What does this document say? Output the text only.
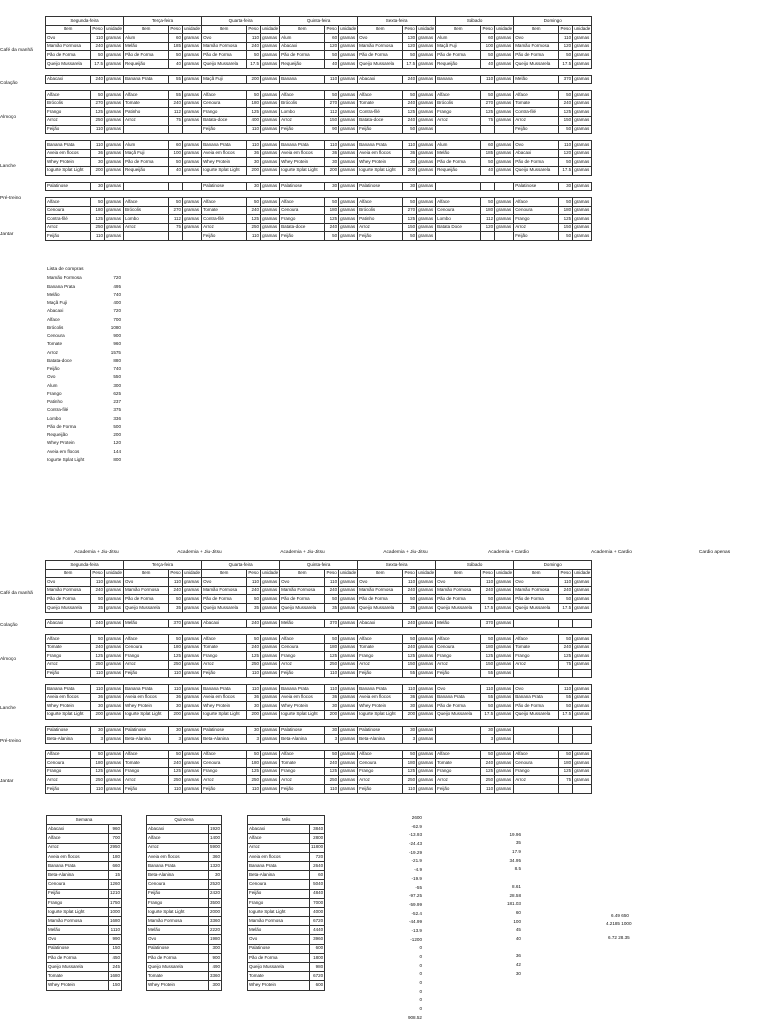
Segunda-feira			Terça-feira			Quarta-feira			Quinta-feira			Sexta-feira			Sábado			Domingo		
Item	Peso	unidade	Item	Peso	unidade	Item	Peso	unidade	Item	Peso	unidade	Item	Peso	unidade	Item	Peso	unidade	Item	Peso	unidade
Ovo	110	gramas	Alum	60	gramas	Ovo	110	gramas	Alum	60	gramas	Ovo	130	gramas	Alum	60	gramas	Ovo	110	gramas
Mamão Formosa	240	gramas	Melão	185	gramas	Mamão Formosa	240	gramas	Abacaxi	120	gramas	Mamão Formosa	120	gramas	Maçã Fuji	100	gramas	Mamão Formosa	120	gramas
Pão de Forma	50	gramas	Pão de Forma	50	gramas	Pão de Forma	50	gramas	Pão de Forma	50	gramas	Pão de Forma	50	gramas	Pão de Forma	50	gramas	Pão de Forma	50	gramas
Queijo Mussarela	17.5	gramas	Requeijão	40	gramas	Queijo Mussarela	17.5	gramas	Requeijão	40	gramas	Queijo Mussarela	17.5	gramas	Requeijão	40	gramas	Queijo Mussarela	17.5	gramas

Abacaxi	240	gramas	Banana Prata	55	gramas	Maçã Fuji	200	gramas	Banana	110	gramas	Abacaxi	240	gramas	Banana	110	gramas	Melão	370	gramas

Alface	50	gramas	Alface	55	gramas	Alface	50	gramas	Alface	50	gramas	Alface	50	gramas	Alface	50	gramas	Alface	50	gramas
Brócolis	270	gramas	Tomate	240	gramas	Cenoura	180	gramas	Brócolis	270	gramas	Tomate	240	gramas	Brócolis	270	gramas	Tomate	240	gramas
Frango	125	gramas	Patinho	112	gramas	Frango	125	gramas	Lombo	112	gramas	Contra-filé	125	gramas	Frango	125	gramas	Contra-filé	125	gramas
Arroz	250	gramas	Arroz	75	gramas	Batata-doce	400	gramas	Arroz	150	gramas	Batata-doce	240	gramas	Arroz	75	gramas	Arroz	150	gramas
Feijão	110	gramas				Feijão	110	gramas	Feijão	90	gramas	Feijão	50	gramas				Feijão	50	gramas

Banana Prata	110	gramas	Alum	60	gramas	Banana Prata	110	gramas	Banana Prata	110	gramas	Banana Prata	110	gramas	Alum	60	gramas	Ovo	110	gramas
Aveia em flocos	36	gramas	Maçã Fuji	100	gramas	Aveia em flocos	36	gramas	Aveia em flocos	36	gramas	Aveia em flocos	36	gramas	Melão	185	gramas	Abacaxi	120	gramas
Whey Protein	30	gramas	Pão de Forma	50	gramas	Whey Protein	30	gramas	Whey Protein	30	gramas	Whey Protein	30	gramas	Pão de Forma	50	gramas	Pão de Forma	50	gramas
Iogurte Splat Light	200	gramas	Requeijão	40	gramas	Iogurte Splat Light	200	gramas	Iogurte Splat Light	200	gramas	Iogurte Splat Light	200	gramas	Requeijão	40	gramas	Queijo Mussarela	17.5	gramas

Palatinose	30	gramas				Palatinose	30	gramas	Palatinose	30	gramas	Palatinose	30	gramas				Palatinose	30	gramas

Alface	50	gramas	Alface	50	gramas	Alface	50	gramas	Alface	50	gramas	Alface	50	gramas	Alface	50	gramas	Alface	50	gramas
Cenoura	180	gramas	Brócolis	270	gramas	Tomate	240	gramas	Cenoura	180	gramas	Brócolis	270	gramas	Cenoura	180	gramas	Cenoura	180	gramas
Contra-filé	125	gramas	Lombo	112	gramas	Contra-filé	125	gramas	Frango	125	gramas	Patinho	125	gramas	Lombo	112	gramas	Frango	125	gramas
Arroz	250	gramas	Arroz	75	gramas	Arroz	250	gramas	Batata-doce	240	gramas	Arroz	150	gramas	Batata Doce	120	gramas	Arroz	150	gramas
Feijão	110	gramas				Feijão	110	gramas	Feijão	50	gramas	Feijão	50	gramas				Feijão	50	gramas
Café da manhã
Colação
Almoço
Lanche
Pré-treino
Jantar
Lista de compras
Mamão Formosa	720
Banana Prata	495
Melão	740
Maçã Fuji	400
Abacaxi	720
Alface	700
Brócolis	1080
Cenoura	900
Tomate	960
Arroz	1575
Batata-doce	880
Feijão	740
Ovo	550
Alum	300
Frango	625
Patinho	237
Contra-filé	375
Lombo	336
Pão de Forma	500
Requeijão	200
Whey Protein	120
Aveia em flocos	144
Iogurte Splat Light	800
Academia + Jiu-Jitsu	Academia + Jiu-Jitsu	Academia + Jiu-Jitsu	Academia + Jiu-Jitsu	Academia + Cardio	Academia + Cardio	Cardio apenas
Segunda-feira			Terça-feira			Quarta-feira			Quinta-feira			Sexta-feira			Sábado			Domingo		
Item	Peso	unidade	Item	Peso	unidade	Item	Peso	unidade	Item	Peso	unidade	Item	Peso	unidade	Item	Peso	unidade	Item	Peso	unidade
Ovo	110	gramas	Ovo	110	gramas	Ovo	110	gramas	Ovo	110	gramas	Ovo	110	gramas	Ovo	110	gramas	Ovo	110	gramas
Mamão Formosa	240	gramas	Mamão Formosa	240	gramas	Mamão Formosa	240	gramas	Mamão Formosa	240	gramas	Mamão Formosa	240	gramas	Mamão Formosa	240	gramas	Mamão Formosa	240	gramas
Pão de Forma	50	gramas	Pão de Forma	50	gramas	Pão de Forma	50	gramas	Pão de Forma	50	gramas	Pão de Forma	50	gramas	Pão de Forma	50	gramas	Pão de Forma	50	gramas
Queijo Mussarela	35	gramas	Queijo Mussarela	35	gramas	Queijo Mussarela	35	gramas	Queijo Mussarela	35	gramas	Queijo Mussarela	35	gramas	Queijo Mussarela	17.5	gramas	Queijo Mussarela	17.5	gramas

Abacaxi	240	gramas	Melão	370	gramas	Abacaxi	240	gramas	Melão	370	gramas	Abacaxi	240	gramas	Melão	370	gramas			

Alface	50	gramas	Alface	50	gramas	Alface	50	gramas	Alface	50	gramas	Alface	50	gramas	Alface	50	gramas	Alface	50	gramas
Tomate	240	gramas	Cenoura	180	gramas	Tomate	240	gramas	Cenoura	180	gramas	Tomate	240	gramas	Cenoura	180	gramas	Tomate	240	gramas
Frango	125	gramas	Frango	125	gramas	Frango	125	gramas	Frango	125	gramas	Frango	125	gramas	Frango	125	gramas	Frango	125	gramas
Arroz	250	gramas	Arroz	250	gramas	Arroz	250	gramas	Arroz	250	gramas	Arroz	150	gramas	Arroz	150	gramas	Arroz	75	gramas
Feijão	110	gramas	Feijão	110	gramas	Feijão	110	gramas	Feijão	110	gramas	Feijão	55	gramas	Feijão	55	gramas			

Banana Prata	110	gramas	Banana Prata	110	gramas	Banana Prata	110	gramas	Banana Prata	110	gramas	Banana Prata	110	gramas	Ovo	110	gramas	Ovo	110	gramas
Aveia em flocos	36	gramas	Aveia em flocos	36	gramas	Aveia em flocos	36	gramas	Aveia em flocos	36	gramas	Aveia em flocos	36	gramas	Banana Prata	55	gramas	Banana Prata	55	gramas
Whey Protein	30	gramas	Whey Protein	30	gramas	Whey Protein	30	gramas	Whey Protein	30	gramas	Whey Protein	30	gramas	Pão de Forma	50	gramas	Pão de Forma	50	gramas
Iogurte Splat Light	200	gramas	Iogurte Splat Light	200	gramas	Iogurte Splat Light	200	gramas	Iogurte Splat Light	200	gramas	Iogurte Splat Light	200	gramas	Queijo Mussarela	17.5	gramas	Queijo Mussarela	17.5	gramas

Palatinose	30	gramas	Palatinose	30	gramas	Palatinose	30	gramas	Palatinose	30	gramas	Palatinose	30	gramas		30	gramas			
Beta-Alanina	3	gramas	Beta-Alanina	3	gramas	Beta-Alanina	3	gramas	Beta-Alanina	3	gramas	Beta-Alanina	3	gramas		3	gramas			

Alface	50	gramas	Alface	50	gramas	Alface	50	gramas	Alface	50	gramas	Alface	50	gramas	Alface	50	gramas	Alface	50	gramas
Cenoura	180	gramas	Tomate	240	gramas	Cenoura	180	gramas	Tomate	240	gramas	Cenoura	180	gramas	Tomate	240	gramas	Cenoura	180	gramas
Frango	125	gramas	Frango	125	gramas	Frango	125	gramas	Frango	125	gramas	Frango	125	gramas	Frango	125	gramas	Frango	125	gramas
Arroz	250	gramas	Arroz	250	gramas	Arroz	250	gramas	Arroz	250	gramas	Arroz	250	gramas	Arroz	250	gramas	Arroz	75	gramas
Feijão	110	gramas	Feijão	110	gramas	Feijão	110	gramas	Feijão	110	gramas	Feijão	110	gramas	Feijão	110	gramas			
Café da manhã
Colação
Almoço
Lanche
Pré-treino
Jantar
Semana	
Abacaxi	960
Alface	700
Arroz	2950
Aveia em flocos	180
Banana Prata	660
Beta-Alanina	15
Cenoura	1260
Feijão	1210
Frango	1750
Iogurte Splat Light	1000
Mamão Formosa	1680
Melão	1110
Ovo	990
Palatinose	150
Pão de Forma	450
Queijo Mussarela	245
Tomate	1680
Whey Protein	150
Quinzena	
Abacaxi	1920
Alface	1400
Arroz	5900
Aveia em flocos	360
Banana Prata	1320
Beta-Alanina	30
Cenoura	2520
Feijão	2420
Frango	3500
Iogurte Splat Light	2000
Mamão Formosa	3360
Melão	2220
Ovo	1980
Palatinose	300
Pão de Forma	900
Queijo Mussarela	490
Tomate	3360
Whey Protein	300
Mês	
Abacaxi	3840
Alface	2800
Arroz	11800
Aveia em flocos	720
Banana Prata	2640
Beta-Alanina	60
Cenoura	5040
Feijão	4840
Frango	7000
Iogurte Splat Light	4000
Mamão Formosa	6720
Melão	4440
Ovo	3960
Palatinose	600
Pão de Forma	1800
Queijo Mussarela	980
Tomate	6720
Whey Protein	600
2600
-62.9
-13.93
-24.43
-19.29
-21.9
-4.9
-19.9
-55
-97.25
-59.99
-52.4
-44.99
-13.9
-1200
0
0
0
0
0
0
0
0
908.52
19.96
35
17.9
34.95
8.5
8.61
28.58
181.03
60
100
45
40
36
42
30
6.49 650
4.2185 1000
6.72 28.35
